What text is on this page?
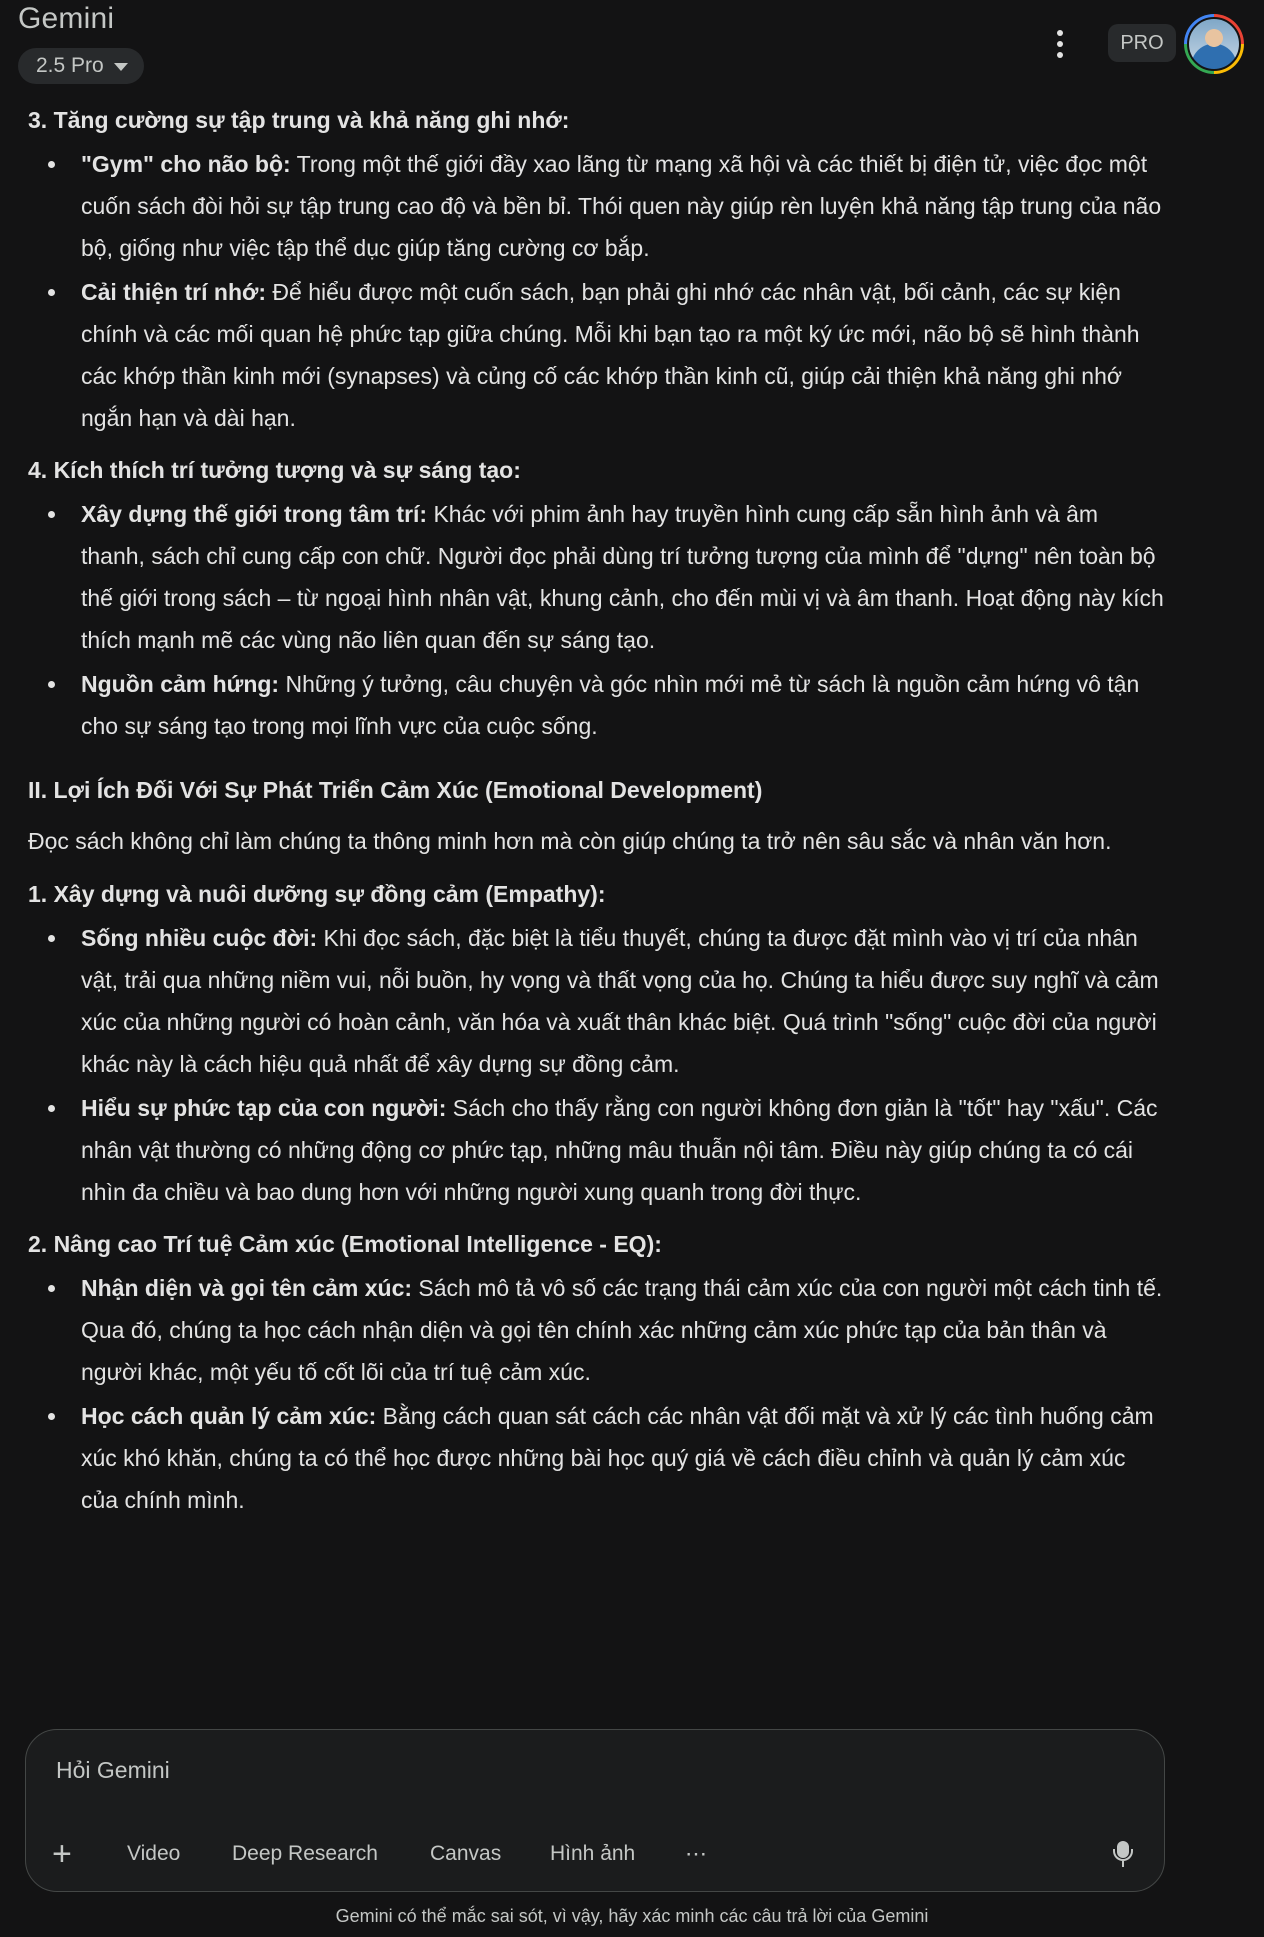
Gemini
2.5 Pro
PRO
3. Tăng cường sự tập trung và khả năng ghi nhớ:
"Gym" cho não bộ: Trong một thế giới đầy xao lãng từ mạng xã hội và các thiết bị điện tử, việc đọc một cuốn sách đòi hỏi sự tập trung cao độ và bền bỉ. Thói quen này giúp rèn luyện khả năng tập trung của não bộ, giống như việc tập thể dục giúp tăng cường cơ bắp.
Cải thiện trí nhớ: Để hiểu được một cuốn sách, bạn phải ghi nhớ các nhân vật, bối cảnh, các sự kiện chính và các mối quan hệ phức tạp giữa chúng. Mỗi khi bạn tạo ra một ký ức mới, não bộ sẽ hình thành các khớp thần kinh mới (synapses) và củng cố các khớp thần kinh cũ, giúp cải thiện khả năng ghi nhớ ngắn hạn và dài hạn.
4. Kích thích trí tưởng tượng và sự sáng tạo:
Xây dựng thế giới trong tâm trí: Khác với phim ảnh hay truyền hình cung cấp sẵn hình ảnh và âm thanh, sách chỉ cung cấp con chữ. Người đọc phải dùng trí tưởng tượng của mình để "dựng" nên toàn bộ thế giới trong sách – từ ngoại hình nhân vật, khung cảnh, cho đến mùi vị và âm thanh. Hoạt động này kích thích mạnh mẽ các vùng não liên quan đến sự sáng tạo.
Nguồn cảm hứng: Những ý tưởng, câu chuyện và góc nhìn mới mẻ từ sách là nguồn cảm hứng vô tận cho sự sáng tạo trong mọi lĩnh vực của cuộc sống.
II. Lợi Ích Đối Với Sự Phát Triển Cảm Xúc (Emotional Development)

Đọc sách không chỉ làm chúng ta thông minh hơn mà còn giúp chúng ta trở nên sâu sắc và nhân văn hơn.

1. Xây dựng và nuôi dưỡng sự đồng cảm (Empathy):
Sống nhiều cuộc đời: Khi đọc sách, đặc biệt là tiểu thuyết, chúng ta được đặt mình vào vị trí của nhân vật, trải qua những niềm vui, nỗi buồn, hy vọng và thất vọng của họ. Chúng ta hiểu được suy nghĩ và cảm xúc của những người có hoàn cảnh, văn hóa và xuất thân khác biệt. Quá trình "sống" cuộc đời của người khác này là cách hiệu quả nhất để xây dựng sự đồng cảm.
Hiểu sự phức tạp của con người: Sách cho thấy rằng con người không đơn giản là "tốt" hay "xấu". Các nhân vật thường có những động cơ phức tạp, những mâu thuẫn nội tâm. Điều này giúp chúng ta có cái nhìn đa chiều và bao dung hơn với những người xung quanh trong đời thực.
2. Nâng cao Trí tuệ Cảm xúc (Emotional Intelligence - EQ):
Nhận diện và gọi tên cảm xúc: Sách mô tả vô số các trạng thái cảm xúc của con người một cách tinh tế. Qua đó, chúng ta học cách nhận diện và gọi tên chính xác những cảm xúc phức tạp của bản thân và người khác, một yếu tố cốt lõi của trí tuệ cảm xúc.
Học cách quản lý cảm xúc: Bằng cách quan sát cách các nhân vật đối mặt và xử lý các tình huống cảm xúc khó khăn, chúng ta có thể học được những bài học quý giá về cách điều chỉnh và quản lý cảm xúc của chính mình.
Hỏi Gemini
+	Video Deep Research Canvas Hình ảnh ⋯
Gemini có thể mắc sai sót, vì vậy, hãy xác minh các câu trả lời của Gemini
